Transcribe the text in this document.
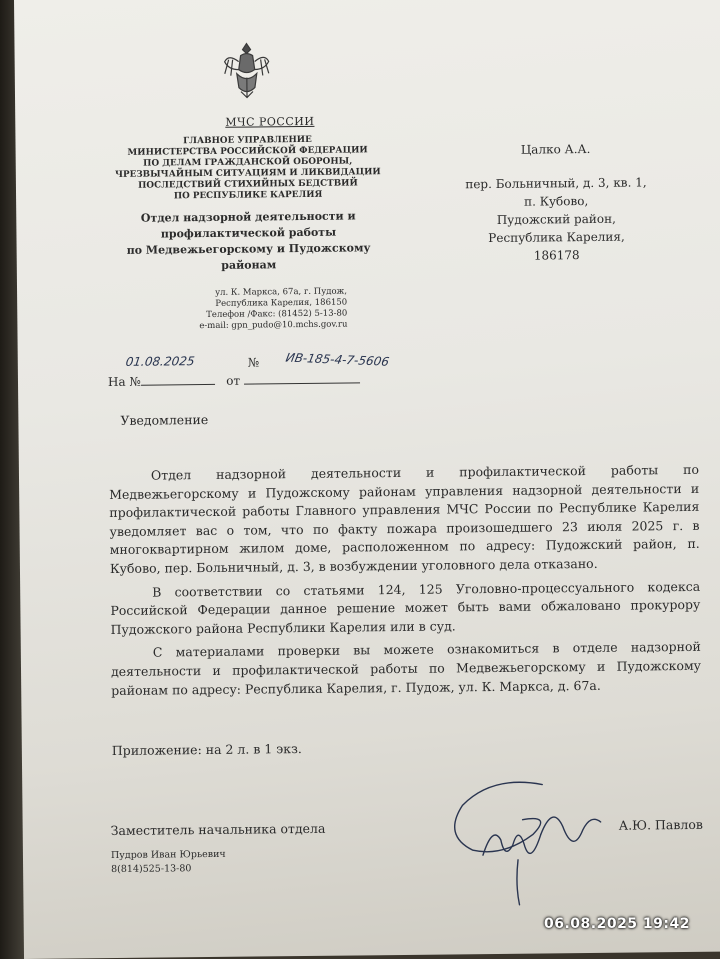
МЧС РОССИИ
ГЛАВНОЕ УПРАВЛЕНИЕ
МИНИСТЕРСТВА РОССИЙСКОЙ ФЕДЕРАЦИИ
ПО ДЕЛАМ ГРАЖДАНСКОЙ ОБОРОНЫ,
ЧРЕЗВЫЧАЙНЫМ СИТУАЦИЯМ И ЛИКВИДАЦИИ
ПОСЛЕДСТВИЙ СТИХИЙНЫХ БЕДСТВИЙ
ПО РЕСПУБЛИКЕ КАРЕЛИЯ
Отдел надзорной деятельности и
профилактической работы
по Медвежьегорскому и Пудожскому
районам
ул. К. Маркса, 67а, г. Пудож,
Республика Карелия, 186150
Телефон /Факс: (81452) 5-13-80
e-mail: gpn_pudo@10.mchs.gov.ru
Цалко А.А.
пер. Больничный, д. 3, кв. 1,
п. Кубово,
Пудожский район,
Республика Карелия,
186178
01.08.2025	№ ИВ-185-4-7-5606
На №	от
Уведомление

Отдел надзорной деятельности и профилактической работы по Медвежьегорскому и Пудожскому районам управления надзорной деятельности и профилактической работы Главного управления МЧС России по Республике Карелия уведомляет вас о том, что по факту пожара произошедшего 23 июля 2025 г. в многоквартирном жилом доме, расположенном по адресу: Пудожский район, п. Кубово, пер. Больничный, д. 3, в возбуждении уголовного дела отказано.

В соответствии со статьями 124, 125 Уголовно-процессуального кодекса Российской Федерации данное решение может быть вами обжаловано прокурору Пудожского района Республики Карелия или в суд.

С материалами проверки вы можете ознакомиться в отделе надзорной деятельности и профилактической работы по Медвежьегорскому и Пудожскому районам по адресу: Республика Карелия, г. Пудож, ул. К. Маркса, д. 67а.

Приложение: на 2 л. в 1 экз.
Заместитель начальника отдела	А.Ю. Павлов
Пудров Иван Юрьевич
8(814)525-13-80
06.08.2025 19:42
